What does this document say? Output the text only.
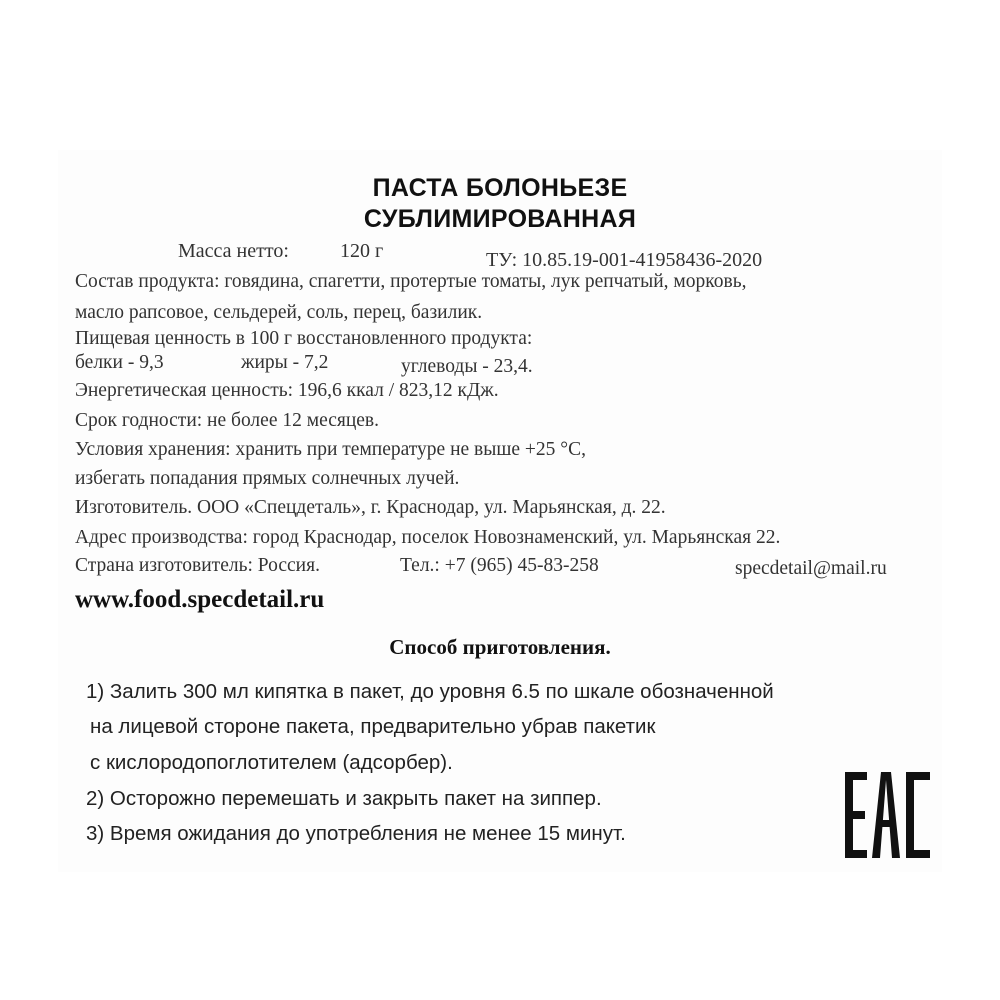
ПАСТА БОЛОНЬЕЗЕ
СУБЛИМИРОВАННАЯ
Масса нетто:	120 г	ТУ: 10.85.19-001-41958436-2020
Состав продукта: говядина, спагетти, протертые томаты, лук репчатый, морковь,
масло рапсовое, сельдерей, соль, перец, базилик.
Пищевая ценность в 100 г восстановленного продукта:
белки - 9,3	жиры - 7,2	углеводы - 23,4.
Энергетическая ценность: 196,6 ккал / 823,12 кДж.
Срок годности: не более 12 месяцев.
Условия хранения: хранить при температуре не выше +25 °С,
избегать попадания прямых солнечных лучей.
Изготовитель. ООО «Спецдеталь», г. Краснодар, ул. Марьянская, д. 22.
Адрес производства: город Краснодар, поселок Новознаменский, ул. Марьянская 22.
Страна изготовитель: Россия.	Тел.: +7 (965) 45-83-258	specdetail@mail.ru
www.food.specdetail.ru
Способ приготовления.
1) Залить 300 мл кипятка в пакет, до уровня 6.5 по шкале обозначенной
на лицевой стороне пакета, предварительно убрав пакетик
с кислородопоглотителем (адсорбер).
2) Осторожно перемешать и закрыть пакет на зиппер.
3) Время ожидания до употребления не менее 15 минут.
